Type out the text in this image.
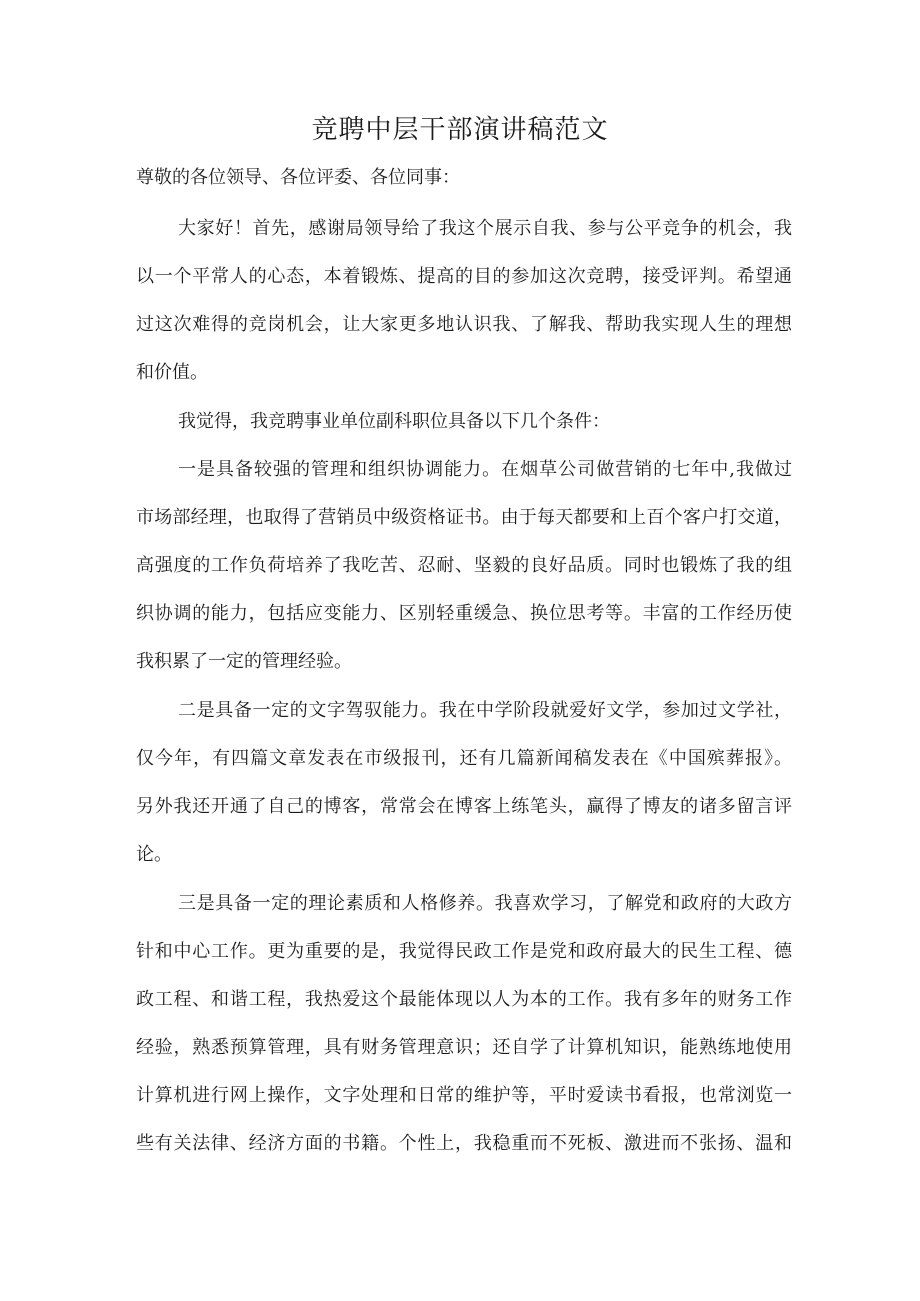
竞聘中层干部演讲稿范文

尊敬的各位领导、各位评委、各位同事：

大家好！首先，感谢局领导给了我这个展示自我、参与公平竞争的机会，我
以一个平常人的心态，本着锻炼、提高的目的参加这次竞聘，接受评判。希望通
过这次难得的竞岗机会，让大家更多地认识我、了解我、帮助我实现人生的理想
和价值。
我觉得，我竞聘事业单位副科职位具备以下几个条件：
一是具备较强的管理和组织协调能力。在烟草公司做营销的七年中,我做过
市场部经理，也取得了营销员中级资格证书。由于每天都要和上百个客户打交道，
高强度的工作负荷培养了我吃苦、忍耐、坚毅的良好品质。同时也锻炼了我的组
织协调的能力，包括应变能力、区别轻重缓急、换位思考等。丰富的工作经历使
我积累了一定的管理经验。
二是具备一定的文字驾驭能力。我在中学阶段就爱好文学，参加过文学社，
仅今年，有四篇文章发表在市级报刊，还有几篇新闻稿发表在《中国殡葬报》。
另外我还开通了自己的博客，常常会在博客上练笔头，赢得了博友的诸多留言评
论。
三是具备一定的理论素质和人格修养。我喜欢学习，了解党和政府的大政方
针和中心工作。更为重要的是，我觉得民政工作是党和政府最大的民生工程、德
政工程、和谐工程，我热爱这个最能体现以人为本的工作。我有多年的财务工作
经验，熟悉预算管理，具有财务管理意识；还自学了计算机知识，能熟练地使用
计算机进行网上操作，文字处理和日常的维护等，平时爱读书看报，也常浏览一
些有关法律、经济方面的书籍。个性上，我稳重而不死板、激进而不张扬、温和
